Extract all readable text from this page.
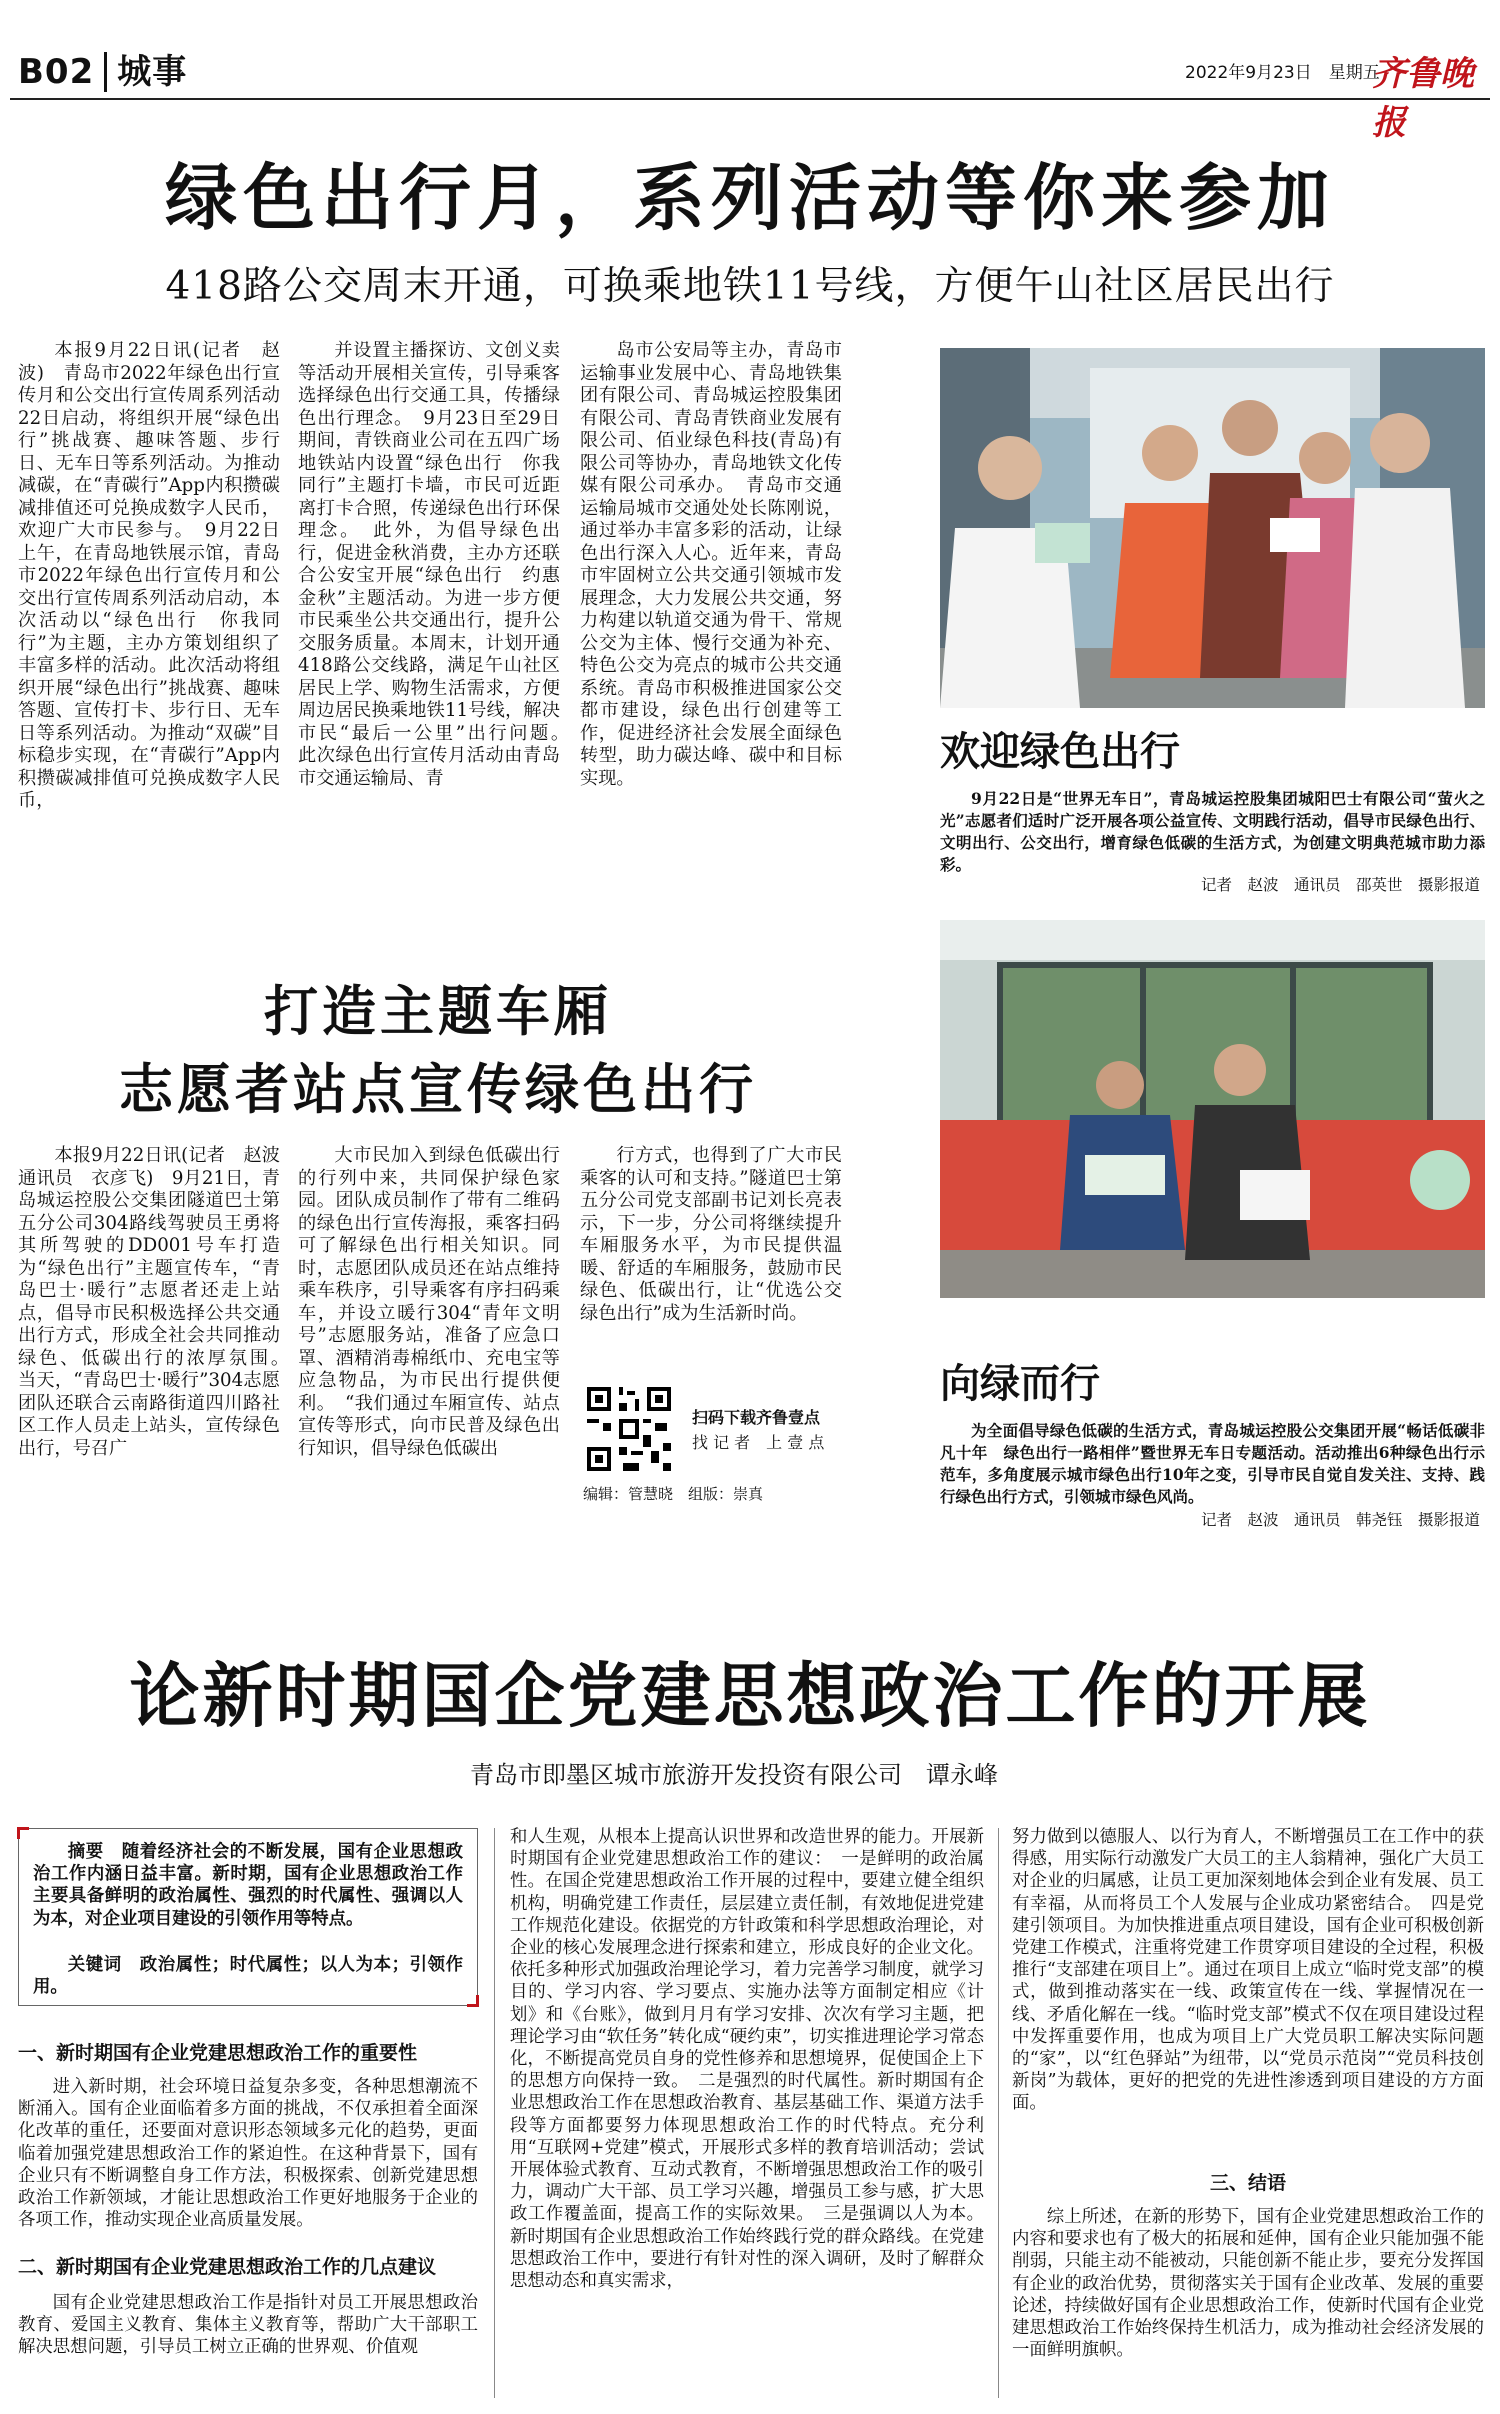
B02 城事	2022年9月23日　星期五
齐鲁晚报
绿色出行月，系列活动等你来参加
418路公交周末开通，可换乘地铁11号线，方便午山社区居民出行
本报9月22日讯(记者　赵波)　青岛市2022年绿色出行宣传月和公交出行宣传周系列活动22日启动，将组织开展“绿色出行”挑战赛、趣味答题、步行日、无车日等系列活动。为推动减碳，在“青碳行”App内积攒碳减排值还可兑换成数字人民币，欢迎广大市民参与。　9月22日上午，在青岛地铁展示馆，青岛市2022年绿色出行宣传月和公交出行宣传周系列活动启动，本次活动以“绿色出行　你我同行”为主题，主办方策划组织了丰富多样的活动。此次活动将组织开展“绿色出行”挑战赛、趣味答题、宣传打卡、步行日、无车日等系列活动。为推动“双碳”目标稳步实现，在“青碳行”App内积攒碳减排值可兑换成数字人民币，
并设置主播探访、文创义卖等活动开展相关宣传，引导乘客选择绿色出行交通工具，传播绿色出行理念。　9月23日至29日期间，青铁商业公司在五四广场地铁站内设置“绿色出行　你我同行”主题打卡墙，市民可近距离打卡合照，传递绿色出行环保理念。　此外，为倡导绿色出行，促进金秋消费，主办方还联合公安宝开展“绿色出行　约惠金秋”主题活动。为进一步方便市民乘坐公共交通出行，提升公交服务质量。本周末，计划开通418路公交线路，满足午山社区居民上学、购物生活需求，方便周边居民换乘地铁11号线，解决市民“最后一公里”出行问题。　此次绿色出行宣传月活动由青岛市交通运输局、青
岛市公安局等主办，青岛市运输事业发展中心、青岛地铁集团有限公司、青岛城运控股集团有限公司、青岛青铁商业发展有限公司、佰业绿色科技(青岛)有限公司等协办，青岛地铁文化传媒有限公司承办。　青岛市交通运输局城市交通处处长陈刚说，通过举办丰富多彩的活动，让绿色出行深入人心。近年来，青岛市牢固树立公共交通引领城市发展理念，大力发展公共交通，努力构建以轨道交通为骨干、常规公交为主体、慢行交通为补充、特色公交为亮点的城市公共交通系统。青岛市积极推进国家公交都市建设，绿色出行创建等工作，促进经济社会发展全面绿色转型，助力碳达峰、碳中和目标实现。
欢迎绿色出行
9月22日是“世界无车日”，青岛城运控股集团城阳巴士有限公司“萤火之光”志愿者们适时广泛开展各项公益宣传、文明践行活动，倡导市民绿色出行、文明出行、公交出行，增育绿色低碳的生活方式，为创建文明典范城市助力添彩。
记者　赵波　通讯员　邵英世　摄影报道
打造主题车厢
志愿者站点宣传绿色出行
本报9月22日讯(记者　赵波　通讯员　衣彦飞)　9月21日，青岛城运控股公交集团隧道巴士第五分公司304路线驾驶员王勇将其所驾驶的DD001号车打造为“绿色出行”主题宣传车，“青岛巴士·暖行”志愿者还走上站点，倡导市民积极选择公共交通出行方式，形成全社会共同推动绿色、低碳出行的浓厚氛围。　当天，“青岛巴士·暖行”304志愿团队还联合云南路街道四川路社区工作人员走上站头，宣传绿色出行，号召广
大市民加入到绿色低碳出行的行列中来，共同保护绿色家园。团队成员制作了带有二维码的绿色出行宣传海报，乘客扫码可了解绿色出行相关知识。同时，志愿团队成员还在站点维持乘车秩序，引导乘客有序扫码乘车，并设立暖行304“青年文明号”志愿服务站，准备了应急口罩、酒精消毒棉纸巾、充电宝等应急物品，为市民出行提供便利。　“我们通过车厢宣传、站点宣传等形式，向市民普及绿色出行知识，倡导绿色低碳出
行方式，也得到了广大市民乘客的认可和支持。”隧道巴士第五分公司党支部副书记刘长亮表示，下一步，分公司将继续提升车厢服务水平，为市民提供温暖、舒适的车厢服务，鼓励市民绿色、低碳出行，让“优选公交　绿色出行”成为生活新时尚。
扫码下载齐鲁壹点
找 记 者　上 壹 点
编辑：管慧晓　组版：崇真
向绿而行
为全面倡导绿色低碳的生活方式，青岛城运控股公交集团开展“畅话低碳非凡十年　绿色出行一路相伴”暨世界无车日专题活动。活动推出6种绿色出行示范车，多角度展示城市绿色出行10年之变，引导市民自觉自发关注、支持、践行绿色出行方式，引领城市绿色风尚。
记者　赵波　通讯员　韩尧钰　摄影报道
论新时期国企党建思想政治工作的开展
青岛市即墨区城市旅游开发投资有限公司　谭永峰
摘要　随着经济社会的不断发展，国有企业思想政治工作内涵日益丰富。新时期，国有企业思想政治工作主要具备鲜明的政治属性、强烈的时代属性、强调以人为本，对企业项目建设的引领作用等特点。
关键词　政治属性；时代属性；以人为本；引领作用。
一、新时期国有企业党建思想政治工作的重要性
进入新时期，社会环境日益复杂多变，各种思想潮流不断涌入。国有企业面临着多方面的挑战，不仅承担着全面深化改革的重任，还要面对意识形态领域多元化的趋势，更面临着加强党建思想政治工作的紧迫性。在这种背景下，国有企业只有不断调整自身工作方法，积极探索、创新党建思想政治工作新领域，才能让思想政治工作更好地服务于企业的各项工作，推动实现企业高质量发展。
二、新时期国有企业党建思想政治工作的几点建议
国有企业党建思想政治工作是指针对员工开展思想政治教育、爱国主义教育、集体主义教育等，帮助广大干部职工解决思想问题，引导员工树立正确的世界观、价值观
和人生观，从根本上提高认识世界和改造世界的能力。开展新时期国有企业党建思想政治工作的建议：　一是鲜明的政治属性。在国企党建思想政治工作开展的过程中，要建立健全组织机构，明确党建工作责任，层层建立责任制，有效地促进党建工作规范化建设。依据党的方针政策和科学思想政治理论，对企业的核心发展理念进行探索和建立，形成良好的企业文化。依托多种形式加强政治理论学习，着力完善学习制度，就学习目的、学习内容、学习要点、实施办法等方面制定相应《计划》和《台账》，做到月月有学习安排、次次有学习主题，把理论学习由“软任务”转化成“硬约束”，切实推进理论学习常态化，不断提高党员自身的党性修养和思想境界，促使国企上下的思想方向保持一致。　二是强烈的时代属性。新时期国有企业思想政治工作在思想政治教育、基层基础工作、渠道方法手段等方面都要努力体现思想政治工作的时代特点。充分利用“互联网+党建”模式，开展形式多样的教育培训活动；尝试开展体验式教育、互动式教育，不断增强思想政治工作的吸引力，调动广大干部、员工学习兴趣，增强员工参与感，扩大思政工作覆盖面，提高工作的实际效果。　三是强调以人为本。新时期国有企业思想政治工作始终践行党的群众路线。在党建思想政治工作中，要进行有针对性的深入调研，及时了解群众思想动态和真实需求，
努力做到以德服人、以行为育人，不断增强员工在工作中的获得感，用实际行动激发广大员工的主人翁精神，强化广大员工对企业的归属感，让员工更加深刻地体会到企业有发展、员工有幸福，从而将员工个人发展与企业成功紧密结合。　四是党建引领项目。为加快推进重点项目建设，国有企业可积极创新党建工作模式，注重将党建工作贯穿项目建设的全过程，积极推行“支部建在项目上”。通过在项目上成立“临时党支部”的模式，做到推动落实在一线、政策宣传在一线、掌握情况在一线、矛盾化解在一线。“临时党支部”模式不仅在项目建设过程中发挥重要作用，也成为项目上广大党员职工解决实际问题的“家”，以“红色驿站”为纽带，以“党员示范岗”“党员科技创新岗”为载体，更好的把党的先进性渗透到项目建设的方方面面。
三、结语
综上所述，在新的形势下，国有企业党建思想政治工作的内容和要求也有了极大的拓展和延伸，国有企业只能加强不能削弱，只能主动不能被动，只能创新不能止步，要充分发挥国有企业的政治优势，贯彻落实关于国有企业改革、发展的重要论述，持续做好国有企业思想政治工作，使新时代国有企业党建思想政治工作始终保持生机活力，成为推动社会经济发展的一面鲜明旗帜。
